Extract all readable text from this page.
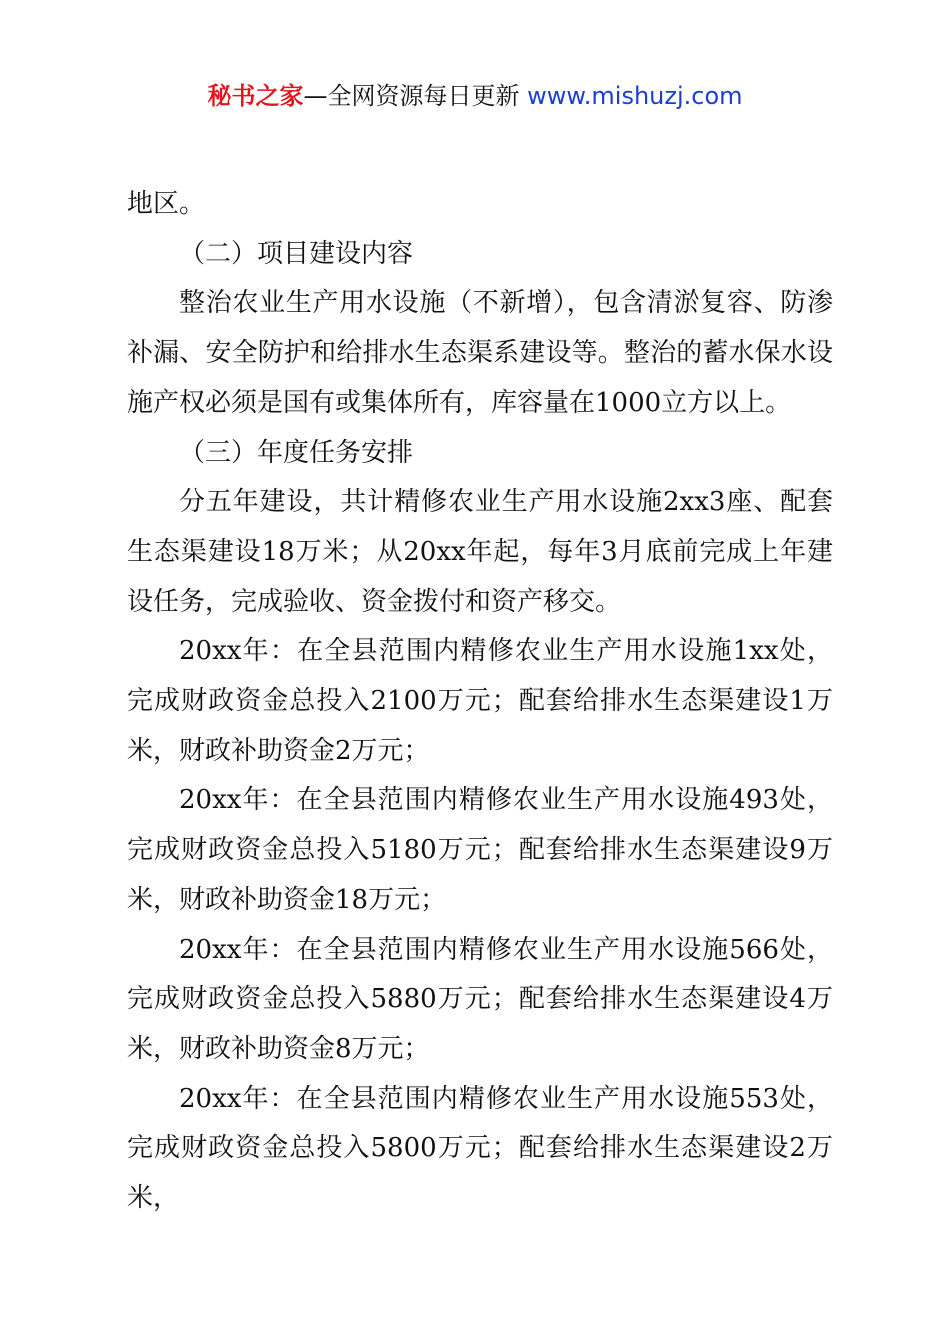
秘书之家—全网资源每日更新 www.mishuzj.com

地区。

（二）项目建设内容

整治农业生产用水设施（不新增），包含清淤复容、防渗补漏、安全防护和给排水生态渠系建设等。整治的蓄水保水设施产权必须是国有或集体所有，库容量在1000立方以上。

（三）年度任务安排

分五年建设，共计精修农业生产用水设施2xx3座、配套生态渠建设18万米；从20xx年起，每年3月底前完成上年建设任务，完成验收、资金拨付和资产移交。

20xx年：在全县范围内精修农业生产用水设施1xx处，完成财政资金总投入2100万元；配套给排水生态渠建设1万米，财政补助资金2万元；

20xx年：在全县范围内精修农业生产用水设施493处，完成财政资金总投入5180万元；配套给排水生态渠建设9万米，财政补助资金18万元；

20xx年：在全县范围内精修农业生产用水设施566处，完成财政资金总投入5880万元；配套给排水生态渠建设4万米，财政补助资金8万元；

20xx年：在全县范围内精修农业生产用水设施553处，完成财政资金总投入5800万元；配套给排水生态渠建设2万米，
